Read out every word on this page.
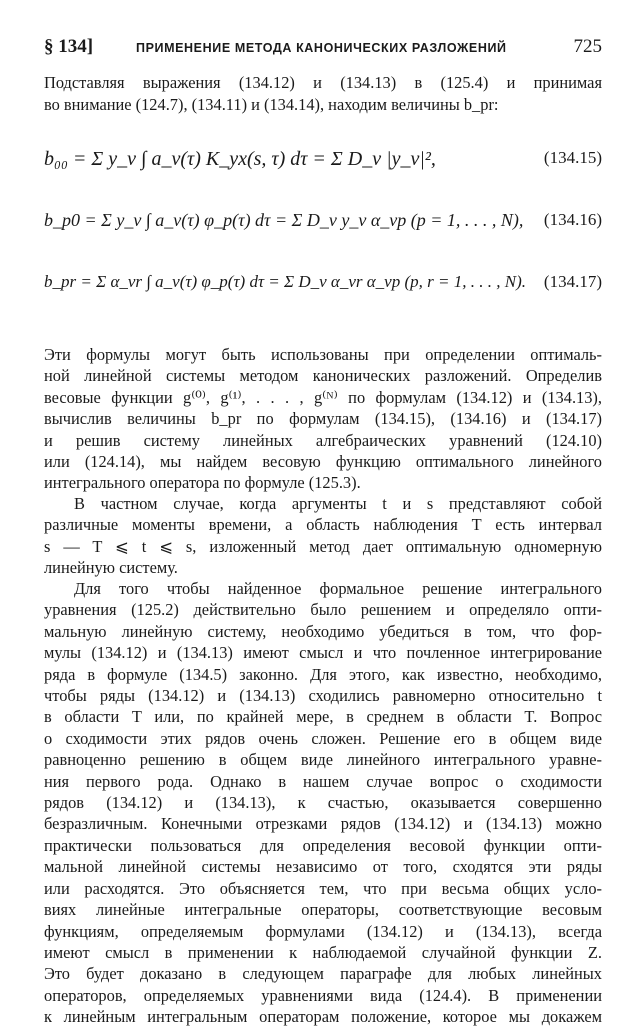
§ 134]	ПРИМЕНЕНИЕ МЕТОДА КАНОНИЧЕСКИХ РАЗЛОЖЕНИЙ	725
Подставляя выражения (134.12) и (134.13) в (125.4) и принимая
во внимание (124.7), (134.11) и (134.14), находим величины b_pr:
b₀₀ = Σ y_ν ∫ a_ν(τ) K_yx(s, τ) dτ = Σ D_ν |y_ν|²,	(134.15)
b_p0 = Σ y_ν ∫ a_ν(τ) φ_p(τ) dτ = Σ D_ν y_ν α_νp (p = 1, . . . , N), (134.16)
b_pr = Σ α_νr ∫ a_ν(τ) φ_p(τ) dτ = Σ D_ν α_νr α_νp (p, r = 1, . . . , N). (134.17)
Эти формулы могут быть использованы при определении оптималь-
ной линейной системы методом канонических разложений. Определив
весовые функции g⁽⁰⁾, g⁽¹⁾, . . . , g⁽ᴺ⁾ по формулам (134.12) и (134.13),
вычислив величины b_pr по формулам (134.15), (134.16) и (134.17)
и решив систему линейных алгебраических уравнений (124.10)
или (124.14), мы найдем весовую функцию оптимального линейного
интегрального оператора по формуле (125.3).
В частном случае, когда аргументы t и s представляют собой
различные моменты времени, а область наблюдения T есть интервал
s — T ⩽ t ⩽ s, изложенный метод дает оптимальную одномерную
линейную систему.
Для того чтобы найденное формальное решение интегрального
уравнения (125.2) действительно было решением и определяло опти-
мальную линейную систему, необходимо убедиться в том, что фор-
мулы (134.12) и (134.13) имеют смысл и что почленное интегрирование
ряда в формуле (134.5) законно. Для этого, как известно, необходимо,
чтобы ряды (134.12) и (134.13) сходились равномерно относительно t
в области T или, по крайней мере, в среднем в области T. Вопрос
о сходимости этих рядов очень сложен. Решение его в общем виде
равноценно решению в общем виде линейного интегрального уравне-
ния первого рода. Однако в нашем случае вопрос о сходимости
рядов (134.12) и (134.13), к счастью, оказывается совершенно
безразличным. Конечными отрезками рядов (134.12) и (134.13) можно
практически пользоваться для определения весовой функции опти-
мальной линейной системы независимо от того, сходятся эти ряды
или расходятся. Это объясняется тем, что при весьма общих усло-
виях линейные интегральные операторы, соответствующие весовым
функциям, определяемым формулами (134.12) и (134.13), всегда
имеют смысл в применении к наблюдаемой случайной функции Z.
Это будет доказано в следующем параграфе для любых линейных
операторов, определяемых уравнениями вида (124.4). В применении
к линейным интегральным операторам положение, которое мы докажем
